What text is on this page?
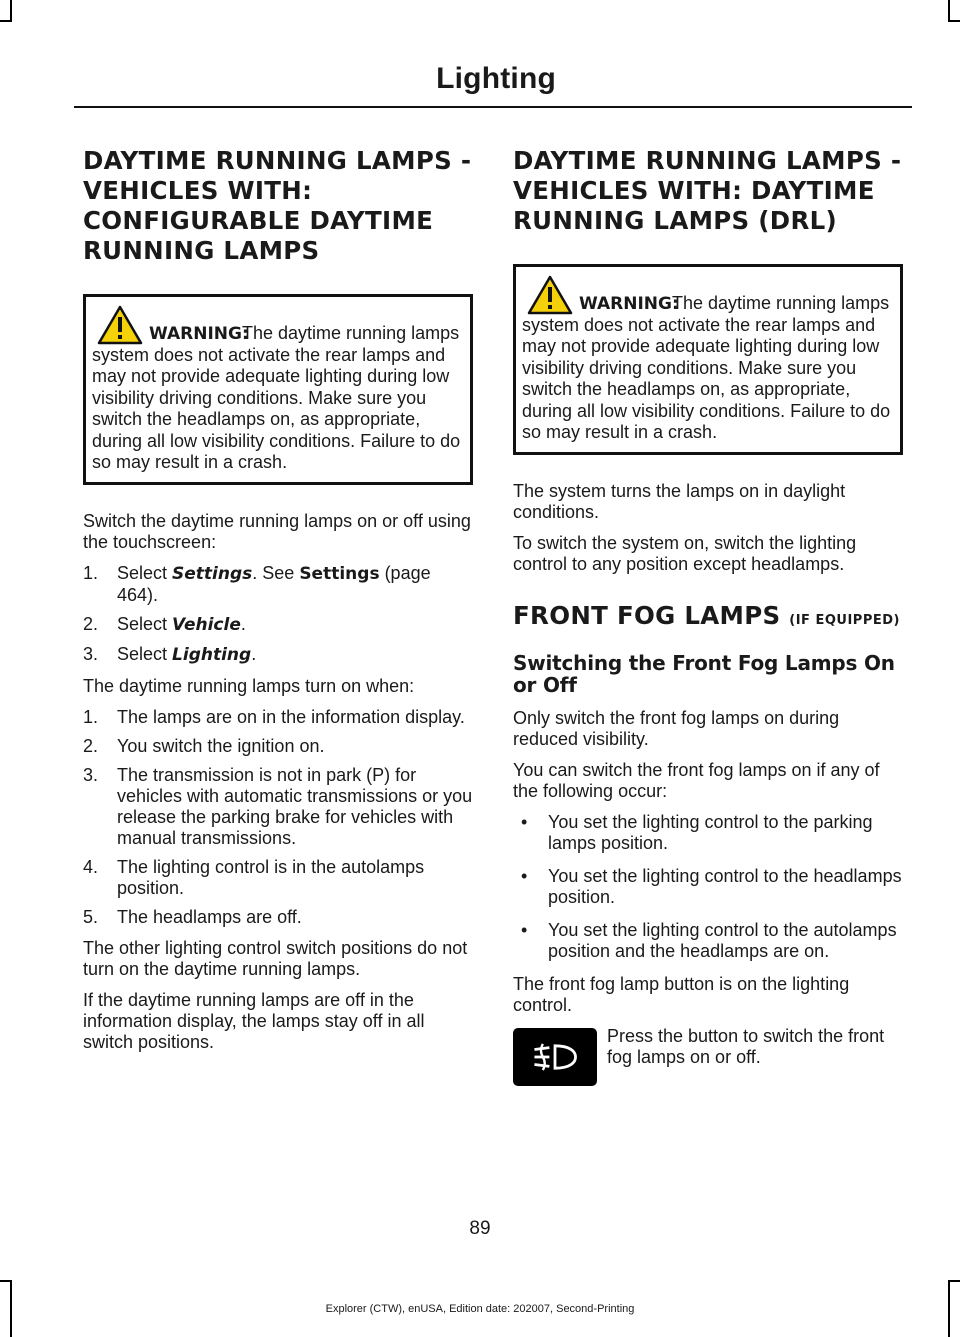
Lighting
DAYTIME RUNNING LAMPS - VEHICLES WITH: CONFIGURABLE DAYTIME RUNNING LAMPS
WARNING:
The daytime running lamps system does not activate the rear lamps and may not provide adequate lighting during low visibility driving conditions. Make sure you switch the headlamps on, as appropriate, during all low visibility conditions. Failure to do so may result in a crash.

Switch the daytime running lamps on or off using the touchscreen:

1. Select Settings. See Settings (page 464).
2. Select Vehicle.
3. Select Lighting.

The daytime running lamps turn on when:

1. The lamps are on in the information display.
2. You switch the ignition on.
3. The transmission is not in park (P) for vehicles with automatic transmissions or you release the parking brake for vehicles with manual transmissions.
4. The lighting control is in the autolamps position.
5. The headlamps are off.

The other lighting control switch positions do not turn on the daytime running lamps.

If the daytime running lamps are off in the information display, the lamps stay off in all switch positions.

DAYTIME RUNNING LAMPS - VEHICLES WITH: DAYTIME RUNNING LAMPS (DRL)
WARNING:
The daytime running lamps system does not activate the rear lamps and may not provide adequate lighting during low visibility driving conditions. Make sure you switch the headlamps on, as appropriate, during all low visibility conditions. Failure to do so may result in a crash.

The system turns the lamps on in daylight conditions.

To switch the system on, switch the lighting control to any position except headlamps.

FRONT FOG LAMPS (IF EQUIPPED)
Switching the Front Fog Lamps On or Off

Only switch the front fog lamps on during reduced visibility.

You can switch the front fog lamps on if any of the following occur:

• You set the lighting control to the parking lamps position.
• You set the lighting control to the headlamps position.
• You set the lighting control to the autolamps position and the headlamps are on.

The front fog lamp button is on the lighting control.

Press the button to switch the front fog lamps on or off.

89
Explorer (CTW), enUSA, Edition date: 202007, Second-Printing
